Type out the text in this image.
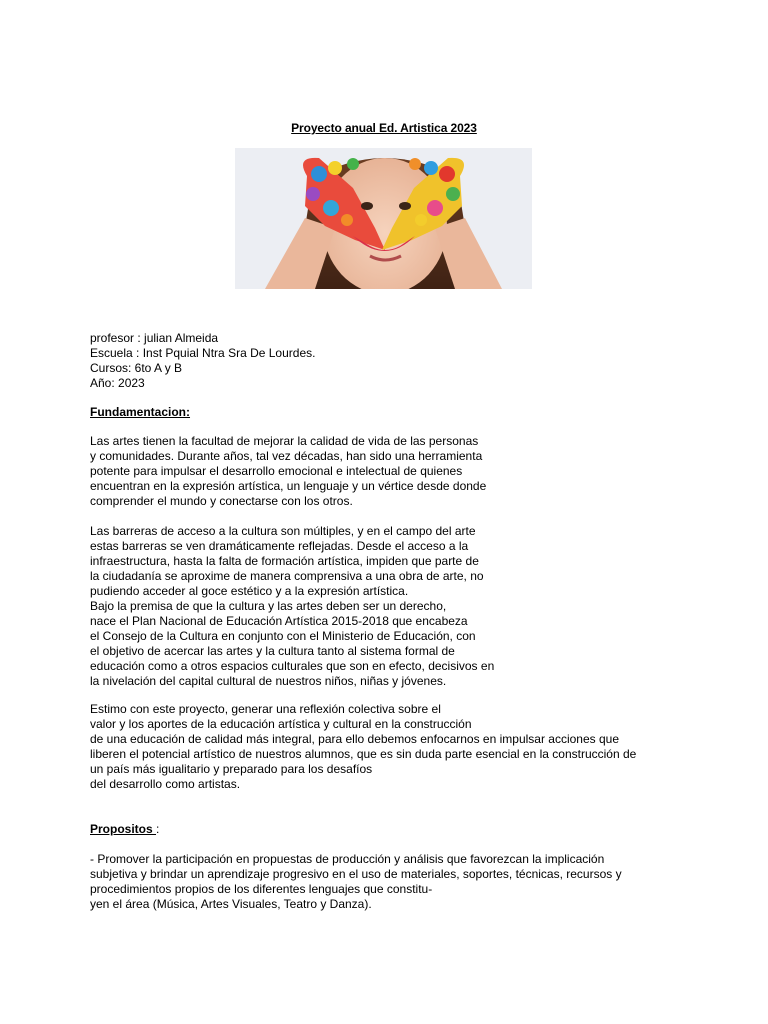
Proyecto anual Ed. Artistica 2023
profesor : julian Almeida
Escuela : Inst Pquial Ntra Sra De Lourdes.
Cursos: 6to A y B
Año: 2023
Fundamentacion:
Las artes tienen la facultad de mejorar la calidad de vida de las personas
y comunidades. Durante años, tal vez décadas, han sido una herramienta
potente para impulsar el desarrollo emocional e intelectual de quienes
encuentran en la expresión artística, un lenguaje y un vértice desde donde
comprender el mundo y conectarse con los otros.
Las barreras de acceso a la cultura son múltiples, y en el campo del arte
estas barreras se ven dramáticamente reflejadas. Desde el acceso a la
infraestructura, hasta la falta de formación artística, impiden que parte de
la ciudadanía se aproxime de manera comprensiva a una obra de arte, no
pudiendo acceder al goce estético y a la expresión artística.
Bajo la premisa de que la cultura y las artes deben ser un derecho,
nace el Plan Nacional de Educación Artística 2015-2018 que encabeza
el Consejo de la Cultura en conjunto con el Ministerio de Educación, con
el objetivo de acercar las artes y la cultura tanto al sistema formal de
educación como a otros espacios culturales que son en efecto, decisivos en
la nivelación del capital cultural de nuestros niños, niñas y jóvenes.
Estimo con este proyecto, generar una reflexión colectiva sobre el
valor y los aportes de la educación artística y cultural en la construcción
de una educación de calidad más integral, para ello debemos enfocarnos en impulsar acciones que
liberen el potencial artístico de nuestros alumnos, que es sin duda parte esencial en la construcción de
un país más igualitario y preparado para los desafíos
del desarrollo como artistas.
Propositos :
- Promover la participación en propuestas de producción y análisis que favorezcan la implicación
subjetiva y brindar un aprendizaje progresivo en el uso de materiales, soportes, técnicas, recursos y
procedimientos propios de los diferentes lenguajes que constitu-
yen el área (Música, Artes Visuales, Teatro y Danza).
